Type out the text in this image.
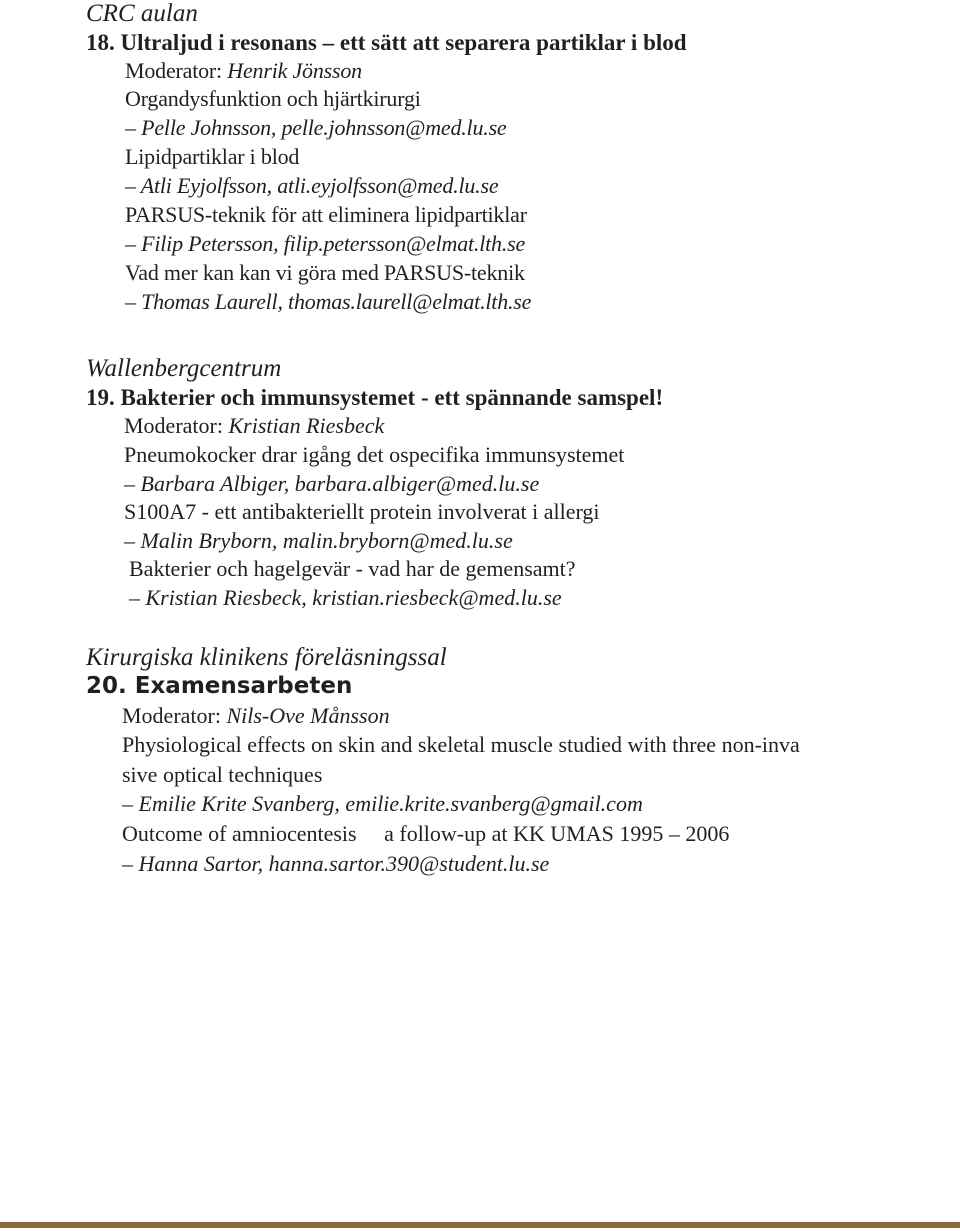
CRC aulan
18. Ultraljud i resonans – ett sätt att separera partiklar i blod
Moderator: Henrik Jönsson
Organdysfunktion och hjärtkirurgi
– Pelle Johnsson, pelle.johnsson@med.lu.se
Lipidpartiklar i blod
– Atli Eyjolfsson, atli.eyjolfsson@med.lu.se
PARSUS-teknik för att eliminera lipidpartiklar
– Filip Petersson, filip.petersson@elmat.lth.se
Vad mer kan kan vi göra med PARSUS-teknik
– Thomas Laurell, thomas.laurell@elmat.lth.se
Wallenbergcentrum
19. Bakterier och immunsystemet - ett spännande samspel!
Moderator: Kristian Riesbeck
Pneumokocker drar igång det ospecifika immunsystemet
– Barbara Albiger, barbara.albiger@med.lu.se
S100A7 - ett antibakteriellt protein involverat i allergi
– Malin Bryborn, malin.bryborn@med.lu.se
Bakterier och hagelgevär - vad har de gemensamt?
– Kristian Riesbeck, kristian.riesbeck@med.lu.se
Kirurgiska klinikens föreläsningssal
20. Examensarbeten
Moderator: Nils-Ove Månsson
Physiological effects on skin and skeletal muscle studied with three non-inva
sive optical techniques
– Emilie Krite Svanberg, emilie.krite.svanberg@gmail.com
Outcome of amniocentesis  a follow-up at KK UMAS 1995 – 2006
– Hanna Sartor, hanna.sartor.390@student.lu.se
